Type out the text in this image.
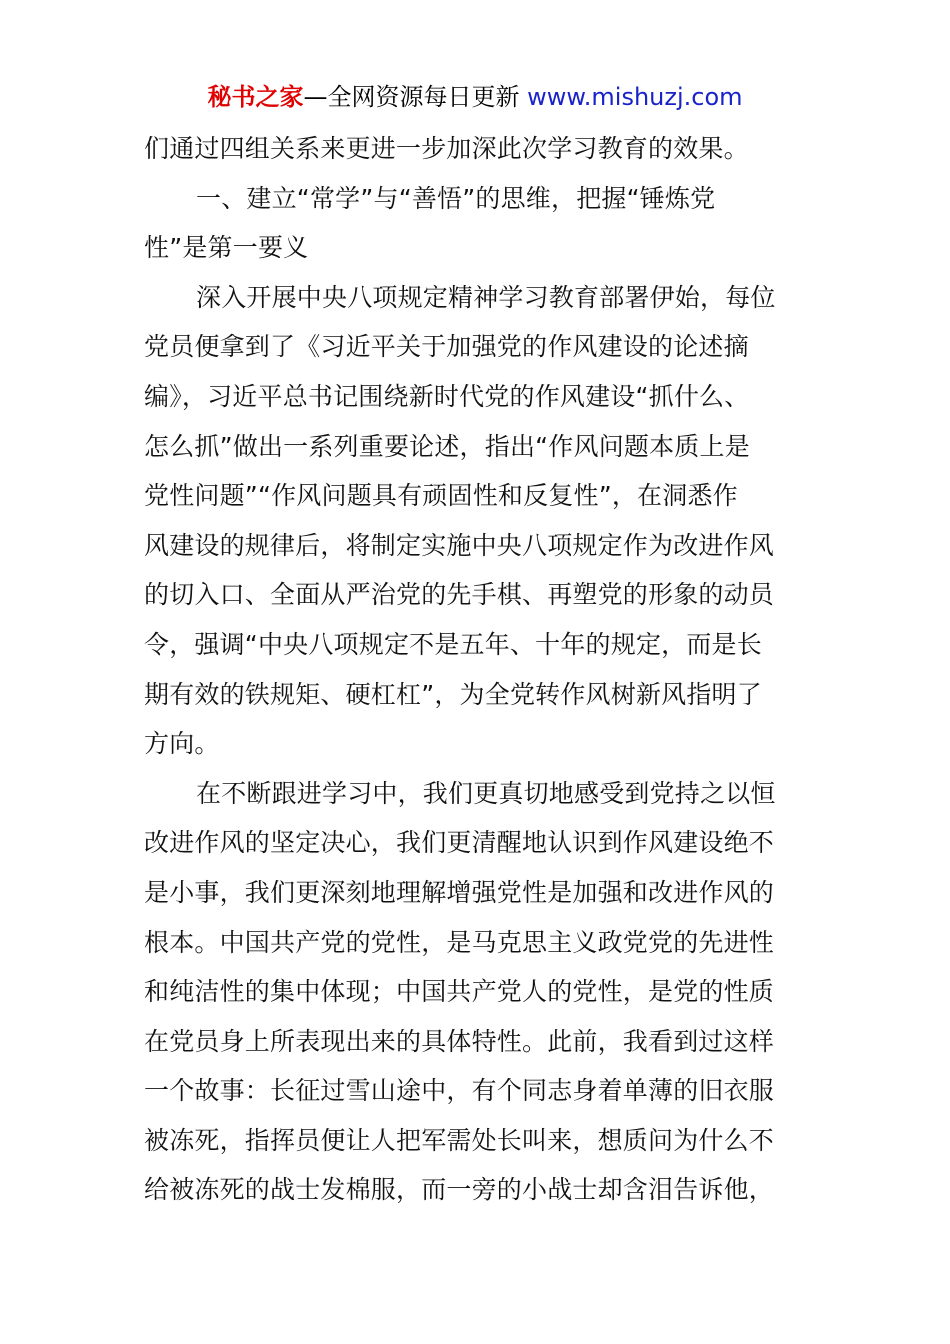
秘书之家—全网资源每日更新 www.mishuzj.com
们通过四组关系来更进一步加深此次学习教育的效果。
一、建立“常学”与“善悟”的思维，把握“锤炼党
性”是第一要义
深入开展中央八项规定精神学习教育部署伊始，每位
党员便拿到了《习近平关于加强党的作风建设的论述摘
编》，习近平总书记围绕新时代党的作风建设“抓什么、
怎么抓”做出一系列重要论述，指出“作风问题本质上是
党性问题”“作风问题具有顽固性和反复性”，在洞悉作
风建设的规律后，将制定实施中央八项规定作为改进作风
的切入口、全面从严治党的先手棋、再塑党的形象的动员
令，强调“中央八项规定不是五年、十年的规定，而是长
期有效的铁规矩、硬杠杠”，为全党转作风树新风指明了
方向。
在不断跟进学习中，我们更真切地感受到党持之以恒
改进作风的坚定决心，我们更清醒地认识到作风建设绝不
是小事，我们更深刻地理解增强党性是加强和改进作风的
根本。中国共产党的党性，是马克思主义政党党的先进性
和纯洁性的集中体现；中国共产党人的党性，是党的性质
在党员身上所表现出来的具体特性。此前，我看到过这样
一个故事：长征过雪山途中，有个同志身着单薄的旧衣服
被冻死，指挥员便让人把军需处长叫来，想质问为什么不
给被冻死的战士发棉服，而一旁的小战士却含泪告诉他，
